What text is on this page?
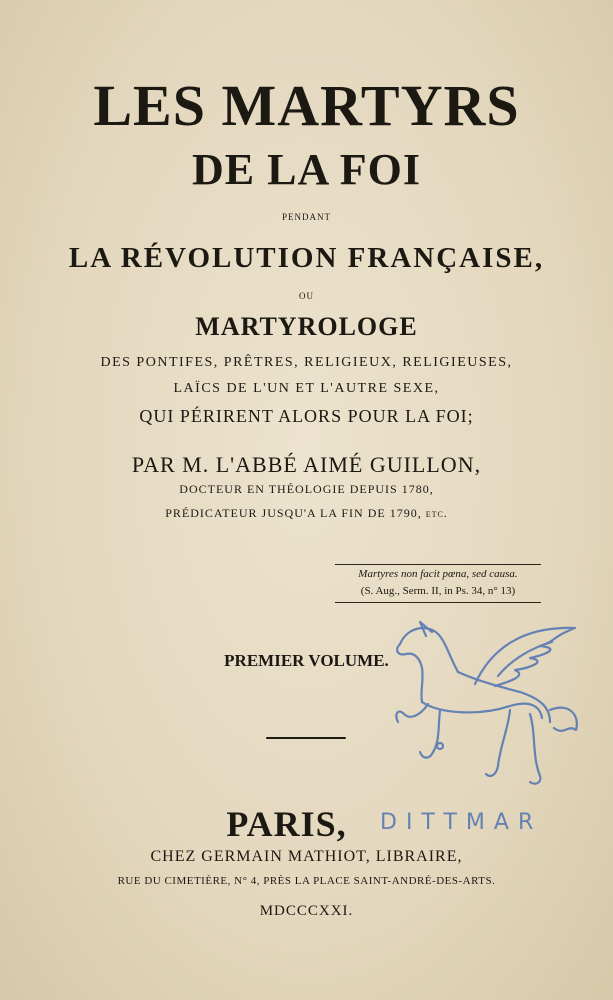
LES MARTYRS
DE LA FOI
PENDANT
LA RÉVOLUTION FRANÇAISE,
OU
MARTYROLOGE
DES PONTIFES, PRÊTRES, RELIGIEUX, RELIGIEUSES,
LAÏCS DE L'UN ET L'AUTRE SEXE,
QUI PÉRIRENT ALORS POUR LA FOI;
PAR M. L'ABBÉ AIMÉ GUILLON,
DOCTEUR EN THÉOLOGIE DEPUIS 1780,
PRÉDICATEUR JUSQU'A LA FIN DE 1790, etc.
Martyres non facit pœna, sed causa.
(S. Aug., Serm. II, in Ps. 34, n° 13)
PREMIER VOLUME.
DITTMAR
PARIS,
CHEZ GERMAIN MATHIOT, LIBRAIRE,
RUE DU CIMETIÈRE, N° 4, PRÈS LA PLACE SAINT-ANDRÉ-DES-ARTS.
MDCCCXXI.
